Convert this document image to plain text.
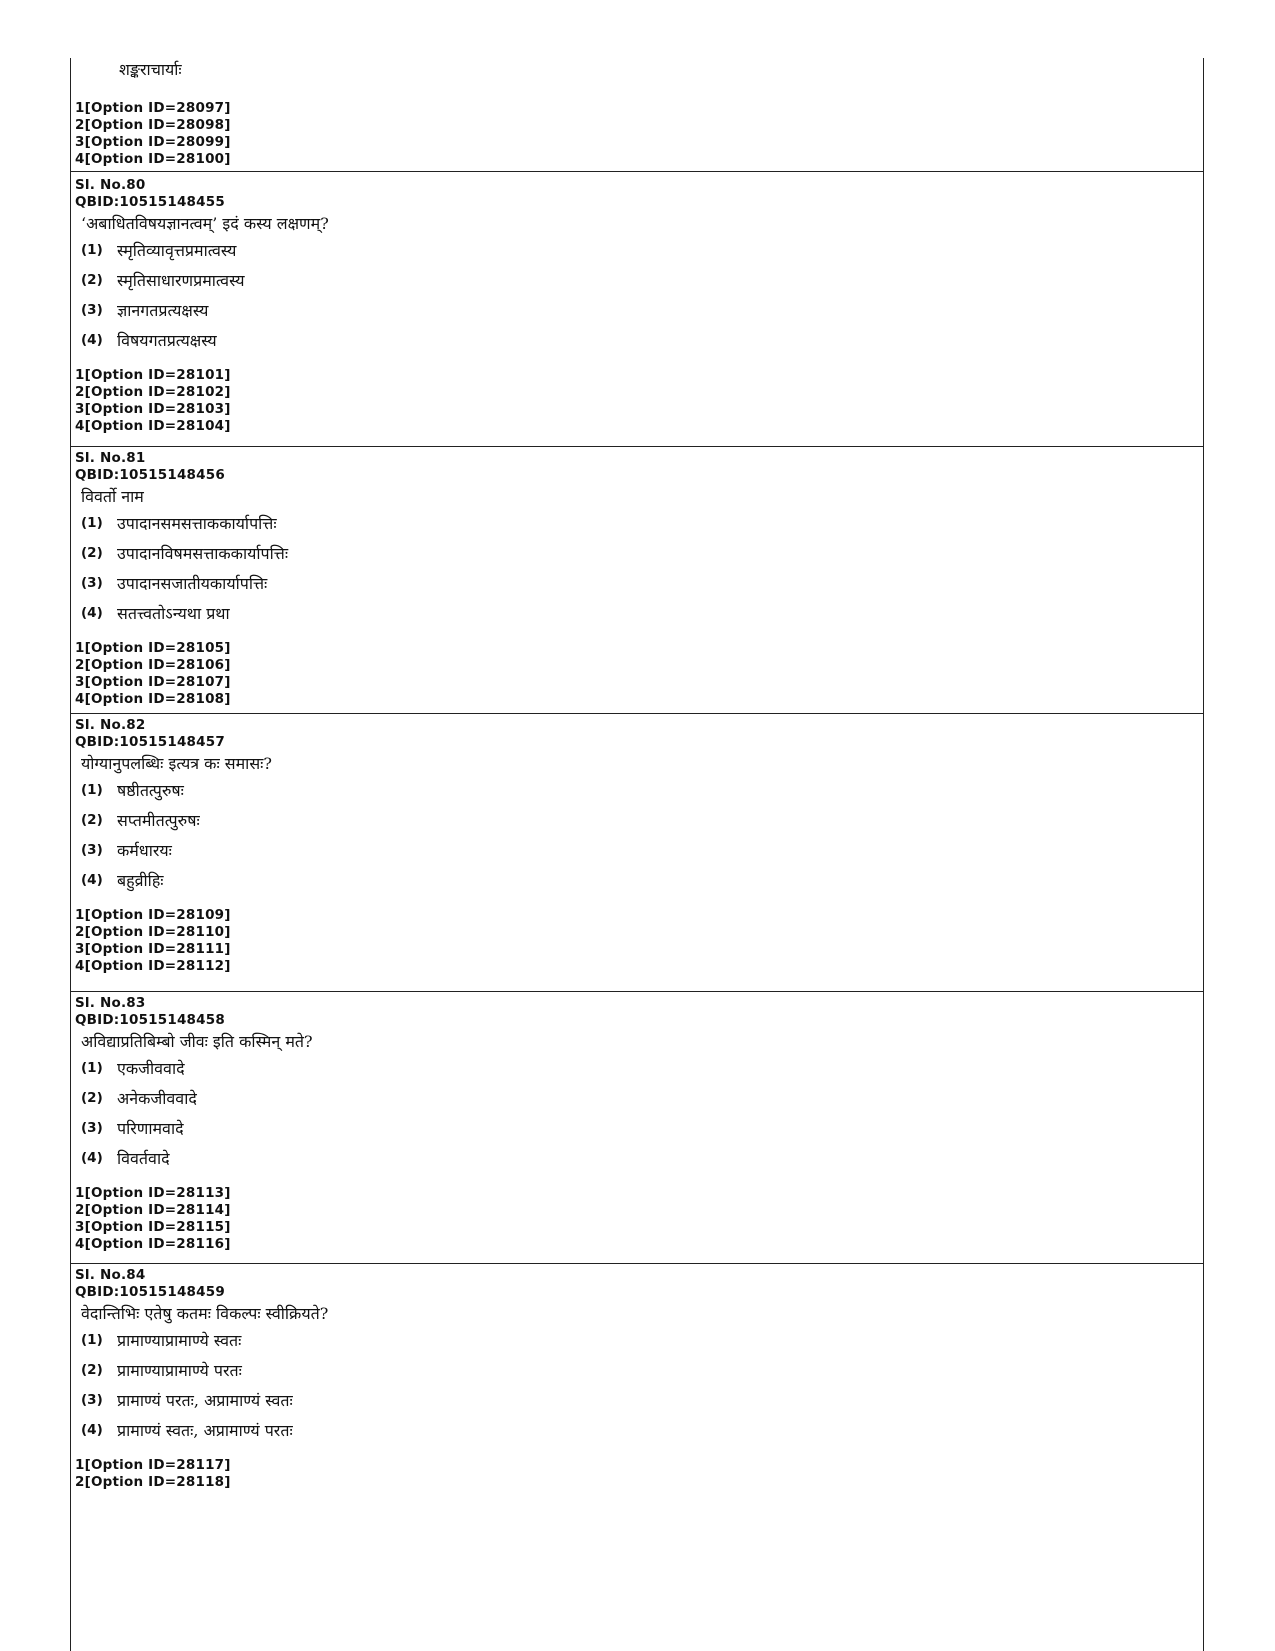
शङ्कराचार्याः
1[Option ID=28097]
2[Option ID=28098]
3[Option ID=28099]
4[Option ID=28100]
Sl. No.80
QBID:10515148455
‘अबाधितविषयज्ञानत्वम्’ इदं कस्य लक्षणम्?
(1) स्मृतिव्यावृत्तप्रमात्वस्य
(2) स्मृतिसाधारणप्रमात्वस्य
(3) ज्ञानगतप्रत्यक्षस्य
(4) विषयगतप्रत्यक्षस्य
1[Option ID=28101]
2[Option ID=28102]
3[Option ID=28103]
4[Option ID=28104]
Sl. No.81
QBID:10515148456
विवर्तो नाम
(1) उपादानसमसत्ताककार्यापत्तिः
(2) उपादानविषमसत्ताककार्यापत्तिः
(3) उपादानसजातीयकार्यापत्तिः
(4) सतत्त्वतोऽन्यथा प्रथा
1[Option ID=28105]
2[Option ID=28106]
3[Option ID=28107]
4[Option ID=28108]
Sl. No.82
QBID:10515148457
योग्यानुपलब्धिः इत्यत्र कः समासः?
(1) षष्ठीतत्पुरुषः
(2) सप्तमीतत्पुरुषः
(3) कर्मधारयः
(4) बहुव्रीहिः
1[Option ID=28109]
2[Option ID=28110]
3[Option ID=28111]
4[Option ID=28112]
Sl. No.83
QBID:10515148458
अविद्याप्रतिबिम्बो जीवः इति कस्मिन् मते?
(1) एकजीववादे
(2) अनेकजीववादे
(3) परिणामवादे
(4) विवर्तवादे
1[Option ID=28113]
2[Option ID=28114]
3[Option ID=28115]
4[Option ID=28116]
Sl. No.84
QBID:10515148459
वेदान्तिभिः एतेषु कतमः विकल्पः स्वीक्रियते?
(1) प्रामाण्याप्रामाण्ये स्वतः
(2) प्रामाण्याप्रामाण्ये परतः
(3) प्रामाण्यं परतः, अप्रामाण्यं स्वतः
(4) प्रामाण्यं स्वतः, अप्रामाण्यं परतः
1[Option ID=28117]
2[Option ID=28118]
